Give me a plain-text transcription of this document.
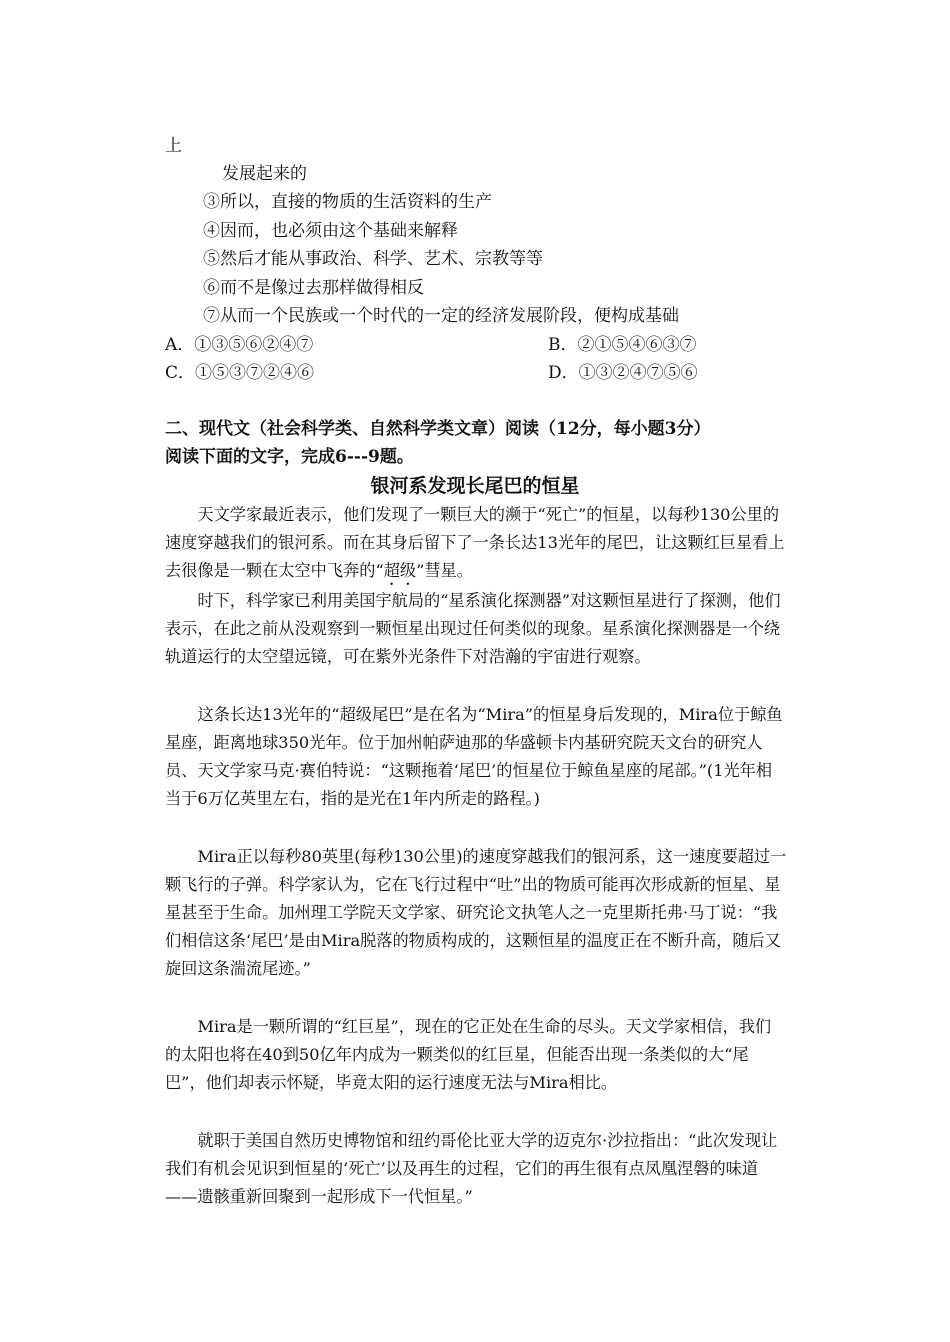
上
发展起来的
③所以，直接的物质的生活资料的生产
④因而，也必须由这个基础来解释
⑤然后才能从事政治、科学、艺术、宗教等等
⑥而不是像过去那样做得相反
⑦从而一个民族或一个时代的一定的经济发展阶段，便构成基础
A．①③⑤⑥②④⑦	B．②①⑤④⑥③⑦
C．①⑤③⑦②④⑥	D．①③②④⑦⑤⑥
二、现代文（社会科学类、自然科学类文章）阅读（12分，每小题3分）
阅读下面的文字，完成6---9题。
银河系发现长尾巴的恒星
天文学家最近表示，他们发现了一颗巨大的濒于“死亡”的恒星，以每秒130公里的速度穿越我们的银河系。而在其身后留下了一条长达13光年的尾巴，让这颗红巨星看上去很像是一颗在太空中飞奔的“超级”彗星。
时下，科学家已利用美国宇航局的“星系演化探测器”对这颗恒星进行了探测，他们表示，在此之前从没观察到一颗恒星出现过任何类似的现象。星系演化探测器是一个绕轨道运行的太空望远镜，可在紫外光条件下对浩瀚的宇宙进行观察。
这条长达13光年的“超级尾巴”是在名为“Mira”的恒星身后发现的，Mira位于鲸鱼星座，距离地球350光年。位于加州帕萨迪那的华盛顿卡内基研究院天文台的研究人员、天文学家马克·赛伯特说：“这颗拖着‘尾巴’的恒星位于鲸鱼星座的尾部。”(1光年相当于6万亿英里左右，指的是光在1年内所走的路程。)
Mira正以每秒80英里(每秒130公里)的速度穿越我们的银河系，这一速度要超过一颗飞行的子弹。科学家认为，它在飞行过程中“吐”出的物质可能再次形成新的恒星、星星甚至于生命。加州理工学院天文学家、研究论文执笔人之一克里斯托弗·马丁说：“我们相信这条‘尾巴’是由Mira脱落的物质构成的，这颗恒星的温度正在不断升高，随后又旋回这条湍流尾迹。”
Mira是一颗所谓的“红巨星”，现在的它正处在生命的尽头。天文学家相信，我们的太阳也将在40到50亿年内成为一颗类似的红巨星，但能否出现一条类似的大“尾巴”，他们却表示怀疑，毕竟太阳的运行速度无法与Mira相比。
就职于美国自然历史博物馆和纽约哥伦比亚大学的迈克尔·沙拉指出：“此次发现让我们有机会见识到恒星的‘死亡’以及再生的过程，它们的再生很有点凤凰涅磐的味道——遗骸重新回聚到一起形成下一代恒星。”
